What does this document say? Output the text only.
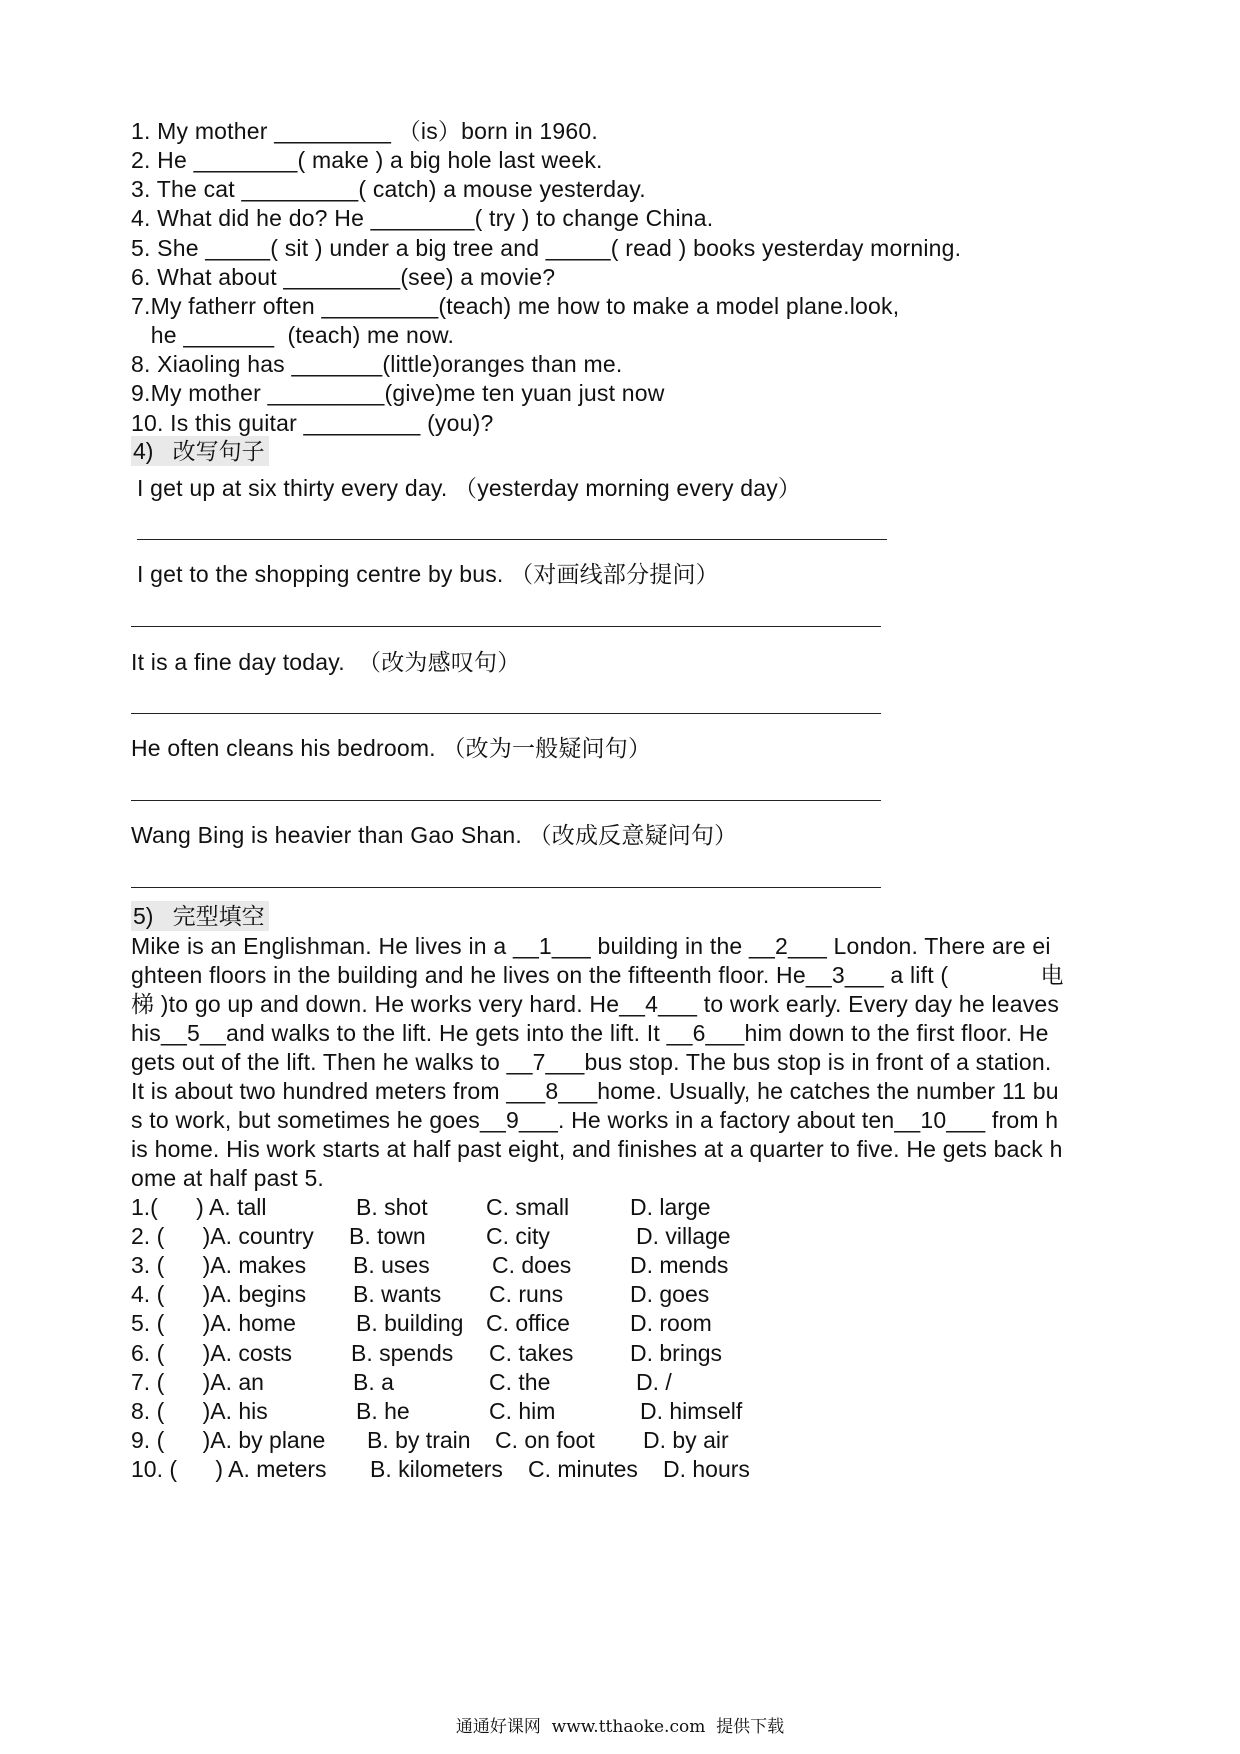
1. My mother _________ （is）born in 1960.
2. He ________( make ) a big hole last week.
3. The cat _________( catch) a mouse yesterday.
4. What did he do? He ________( try ) to change China.
5. She _____( sit ) under a big tree and _____( read ) books yesterday morning.
6. What about _________(see) a movie?
7.My fatherr often _________(teach) me how to make a model plane.look,
he _______  (teach) me now.
8. Xiaoling has _______(little)oranges than me.
9.My mother _________(give)me ten yuan just now
10. Is this guitar _________ (you)?
4)   改写句子
I get up at six thirty every day. （yesterday morning every day）
I get to the shopping centre by bus. （对画线部分提问）
It is a fine day today.  （改为感叹句）
He often cleans his bedroom. （改为一般疑问句）
Wang Bing is heavier than Gao Shan. （改成反意疑问句）
5)   完型填空
Mike is an Englishman. He lives in a __1___ building in the __2___ London. There are ei
ghteen floors in the building and he lives on the fifteenth floor. He__3___ a lift (              电
梯 )to go up and down. He works very hard. He__4___ to work early. Every day he leaves
his__5__and walks to the lift. He gets into the lift. It __6___him down to the first floor. He
gets out of the lift. Then he walks to __7___bus stop. The bus stop is in front of a station.
It is about two hundred meters from ___8___home. Usually, he catches the number 11 bu
s to work, but sometimes he goes__9___. He works in a factory about ten__10___ from h
is home. His work starts at half past eight, and finishes at a quarter to five. He gets back h
ome at half past 5.
1.(      ) A. tall	B. shot	C. small	D. large
2. (      )A. country B. town	C. city	D. village
3. (      )A. makes B. uses	C. does	D. mends
4. (      )A. begins B. wants C. runs	D. goes
5. (      )A. home	B. building C. office	D. room
6. (      )A. costs	B. spends C. takes D. brings
7. (      )A. an	B. a	C. the	D. /
8. (      )A. his	B. he	C. him	D. himself
9. (      )A. by plane B. by train C. on foot D. by air
10. (      ) A. meters B. kilometers C. minutes D. hours
通通好课网  www.tthaoke.com  提供下载
